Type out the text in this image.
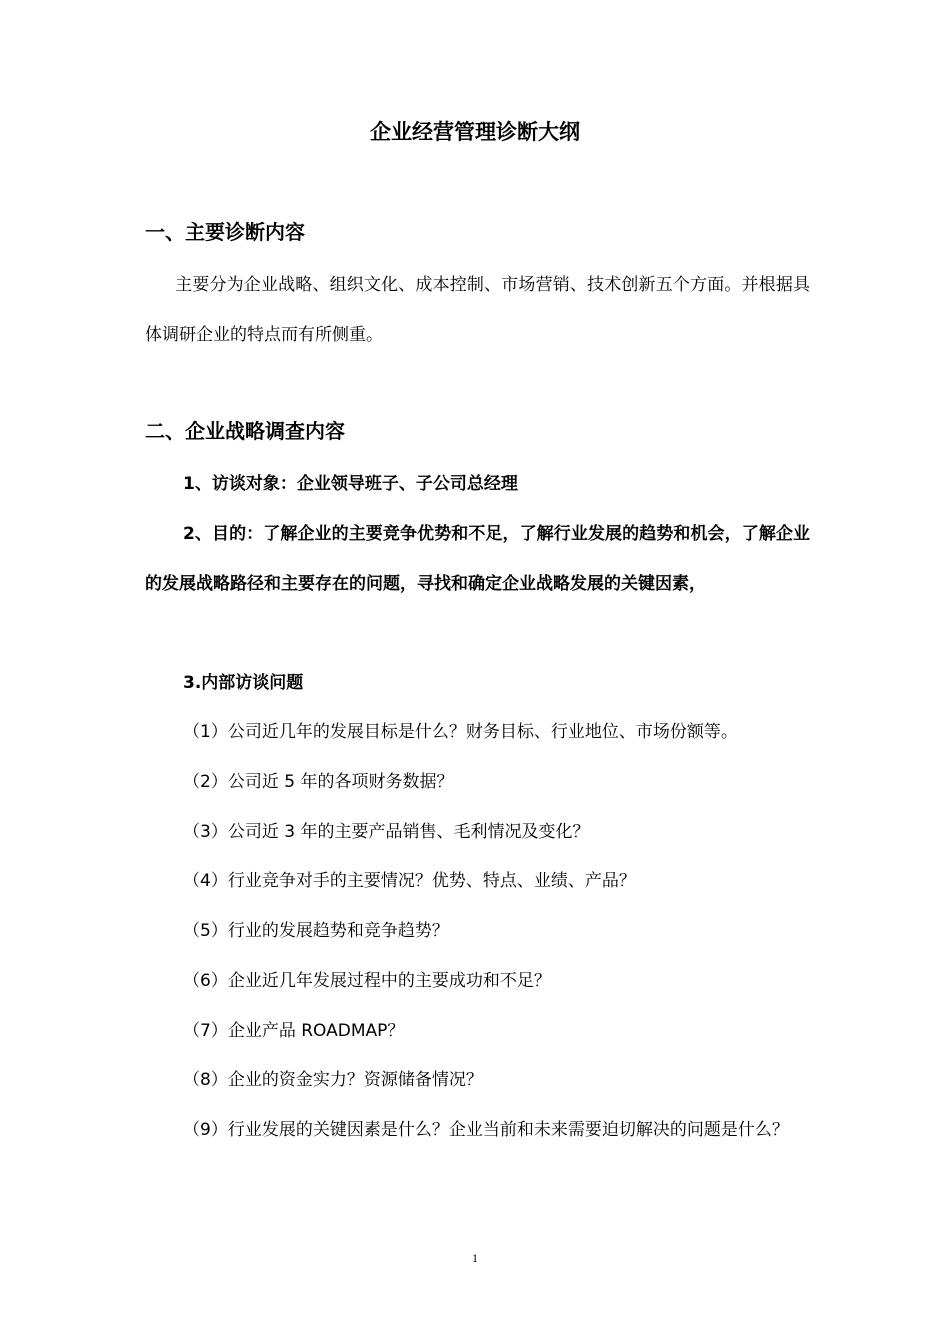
企业经营管理诊断大纲
一、主要诊断内容
主要分为企业战略、组织文化、成本控制、市场营销、技术创新五个方面。并根据具体调研企业的特点而有所侧重。
二、企业战略调查内容
1、访谈对象：企业领导班子、子公司总经理
2、目的：了解企业的主要竞争优势和不足，了解行业发展的趋势和机会，了解企业的发展战略路径和主要存在的问题，寻找和确定企业战略发展的关键因素，
3.内部访谈问题
（1）公司近几年的发展目标是什么？财务目标、行业地位、市场份额等。
（2）公司近 5 年的各项财务数据？
（3）公司近 3 年的主要产品销售、毛利情况及变化？
（4）行业竞争对手的主要情况？优势、特点、业绩、产品？
（5）行业的发展趋势和竞争趋势？
（6）企业近几年发展过程中的主要成功和不足？
（7）企业产品 ROADMAP？
（8）企业的资金实力？资源储备情况？
（9）行业发展的关键因素是什么？企业当前和未来需要迫切解决的问题是什么？
1
